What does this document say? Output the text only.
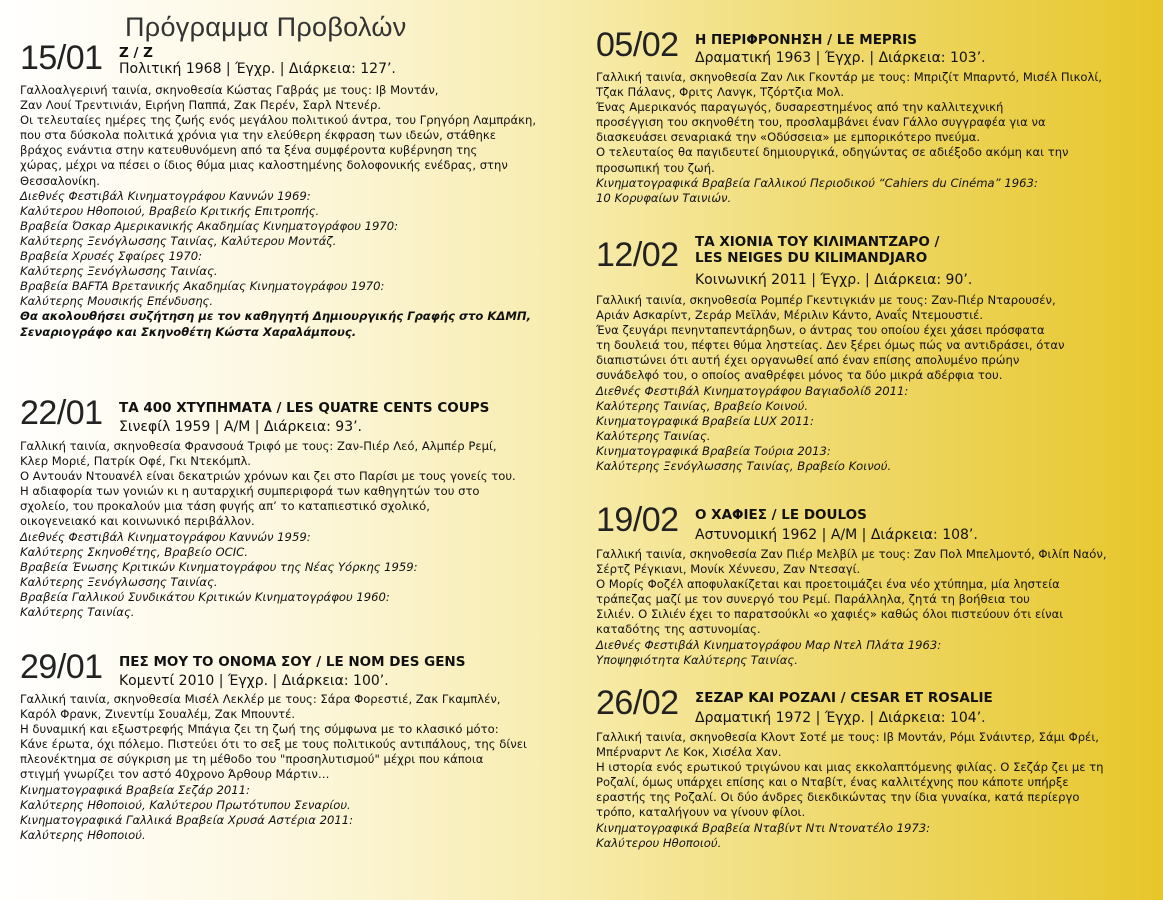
Πρόγραμμα Προβολών
15/01 Z / Z
Πολιτική 1968 | Έγχρ. | Διάρκεια: 127’.
Γαλλοαλγερινή ταινία, σκηνοθεσία Κώστας Γαβράς με τους: Ιβ Μοντάν,
Ζαν Λουί Τρεντινιάν, Ειρήνη Παππά, Ζακ Περέν, Σαρλ Ντενέρ.
Οι τελευταίες ημέρες της ζωής ενός μεγάλου πολιτικού άντρα, του Γρηγόρη Λαμπράκη,
που στα δύσκολα πολιτικά χρόνια για την ελεύθερη έκφραση των ιδεών, στάθηκε
βράχος ενάντια στην κατευθυνόμενη από τα ξένα συμφέροντα κυβέρνηση της
χώρας, μέχρι να πέσει ο ίδιος θύμα μιας καλοστημένης δολοφονικής ενέδρας, στην
Θεσσαλονίκη.
Διεθνές Φεστιβάλ Κινηματογράφου Καννών 1969:
Καλύτερου Ηθοποιού, Βραβείο Κριτικής Επιτροπής.
Βραβεία Όσκαρ Αμερικανικής Ακαδημίας Κινηματογράφου 1970:
Καλύτερης Ξενόγλωσσης Ταινίας, Καλύτερου Μοντάζ.
Βραβεία Χρυσές Σφαίρες 1970:
Καλύτερης Ξενόγλωσσης Ταινίας.
Βραβεία BAFTA Βρετανικής Ακαδημίας Κινηματογράφου 1970:
Καλύτερης Μουσικής Επένδυσης.
Θα ακολουθήσει συζήτηση με τον καθηγητή Δημιουργικής Γραφής στο ΚΔΜΠ,
Σεναριογράφο και Σκηνοθέτη Κώστα Χαραλάμπους.
22/01 ΤΑ 400 ΧΤΥΠΗΜΑΤΑ / LES QUATRE CENTS COUPS
Σινεφίλ 1959 | Α/Μ | Διάρκεια: 93’.
Γαλλική ταινία, σκηνοθεσία Φρανσουά Τριφό με τους: Ζαν-Πιέρ Λεό, Αλμπέρ Ρεμί,
Κλερ Μοριέ, Πατρίκ Οφέ, Γκι Ντεκόμπλ.
Ο Αντουάν Ντουανέλ είναι δεκατριών χρόνων και ζει στο Παρίσι με τους γονείς του.
Η αδιαφορία των γονιών κι η αυταρχική συμπεριφορά των καθηγητών του στο
σχολείο, του προκαλούν μια τάση φυγής απ’ το καταπιεστικό σχολικό,
οικογενειακό και κοινωνικό περιβάλλον.
Διεθνές Φεστιβάλ Κινηματογράφου Καννών 1959:
Καλύτερης Σκηνοθέτης, Βραβείο OCIC.
Βραβεία Ένωσης Κριτικών Κινηματογράφου της Νέας Υόρκης 1959:
Καλύτερης Ξενόγλωσσης Ταινίας.
Βραβεία Γαλλικού Συνδικάτου Κριτικών Κινηματογράφου 1960:
Καλύτερης Ταινίας.
29/01 ΠΕΣ ΜΟΥ ΤΟ ΟΝΟΜΑ ΣΟΥ / LE NOM DES GENS
Κομεντί 2010 | Έγχρ. | Διάρκεια: 100’.
Γαλλική ταινία, σκηνοθεσία Μισέλ Λεκλέρ με τους: Σάρα Φορεστιέ, Ζακ Γκαμπλέν,
Καρόλ Φρανκ, Ζινεντίμ Σουαλέμ, Ζακ Μπουντέ.
Η δυναμική και εξωστρεφής Μπάγια ζει τη ζωή της σύμφωνα με το κλασικό μότο:
Κάνε έρωτα, όχι πόλεμο. Πιστεύει ότι το σεξ με τους πολιτικούς αντιπάλους, της δίνει
πλεονέκτημα σε σύγκριση με τη μέθοδο του "προσηλυτισμού" μέχρι που κάποια
στιγμή γνωρίζει τον αστό 40χρονο Άρθουρ Μάρτιν…
Κινηματογραφικά Βραβεία Σεζάρ 2011:
Καλύτερης Ηθοποιού, Καλύτερου Πρωτότυπου Σεναρίου.
Κινηματογραφικά Γαλλικά Βραβεία Χρυσά Αστέρια 2011:
Καλύτερης Ηθοποιού.
05/02 Η ΠΕΡΙΦΡΟΝΗΣΗ / LE MEPRIS
Δραματική 1963 | Έγχρ. | Διάρκεια: 103’.
Γαλλική ταινία, σκηνοθεσία Ζαν Λικ Γκοντάρ με τους: Μπριζίτ Μπαρντό, Μισέλ Πικολί,
Τζακ Πάλανς, Φριτς Λανγκ, Τζόρτζια Μολ.
Ένας Αμερικανός παραγωγός, δυσαρεστημένος από την καλλιτεχνική
προσέγγιση του σκηνοθέτη του, προσλαμβάνει έναν Γάλλο συγγραφέα για να
διασκευάσει σεναριακά την «Οδύσσεια» με εμπορικότερο πνεύμα.
Ο τελευταίος θα παγιδευτεί δημιουργικά, οδηγώντας σε αδιέξοδο ακόμη και την
προσωπική του ζωή.
Κινηματογραφικά Βραβεία Γαλλικού Περιοδικού “Cahiers du Cinéma” 1963:
10 Κορυφαίων Ταινιών.
12/02 ΤΑ ΧΙΟΝΙΑ ΤΟΥ ΚΙΛΙΜΑΝΤΖΑΡΟ /
LES NEIGES DU KILIMANDJARO
Κοινωνική 2011 | Έγχρ. | Διάρκεια: 90’.
Γαλλική ταινία, σκηνοθεσία Ρομπέρ Γκεντιγκιάν με τους: Ζαν-Πιέρ Νταρουσέν,
Αριάν Ασκαρίντ, Ζεράρ Μεϊλάν, Μέριλιν Κάντο, Αναΐς Ντεμουστιέ.
Ένα ζευγάρι πενηνταπεντάρηδων, ο άντρας του οποίου έχει χάσει πρόσφατα
τη δουλειά του, πέφτει θύμα ληστείας. Δεν ξέρει όμως πώς να αντιδράσει, όταν
διαπιστώνει ότι αυτή έχει οργανωθεί από έναν επίσης απολυμένο πρώην
συνάδελφό του, ο οποίος αναθρέφει μόνος τα δύο μικρά αδέρφια του.
Διεθνές Φεστιβάλ Κινηματογράφου Βαγιαδολίδ 2011:
Καλύτερης Ταινίας, Βραβείο Κοινού.
Κινηματογραφικά Βραβεία LUX 2011:
Καλύτερης Ταινίας.
Κινηματογραφικά Βραβεία Τούρια 2013:
Καλύτερης Ξενόγλωσσης Ταινίας, Βραβείο Κοινού.
19/02 Ο ΧΑΦΙΕΣ / LE DOULOS
Αστυνομική 1962 | Α/Μ | Διάρκεια: 108’.
Γαλλική ταινία, σκηνοθεσία Ζαν Πιέρ Μελβίλ με τους: Ζαν Πολ Μπελμοντό, Φιλίπ Ναόν,
Σέρτζ Ρέγκιανι, Μονίκ Χέννεσυ, Ζαν Ντεσαγί.
Ο Μορίς Φοζέλ αποφυλακίζεται και προετοιμάζει ένα νέο χτύπημα, μία ληστεία
τράπεζας μαζί με τον συνεργό του Ρεμί. Παράλληλα, ζητά τη βοήθεια του
Σιλιέν. Ο Σιλιέν έχει το παρατσούκλι «ο χαφιές» καθώς όλοι πιστεύουν ότι είναι
καταδότης της αστυνομίας.
Διεθνές Φεστιβάλ Κινηματογράφου Μαρ Ντελ Πλάτα 1963:
Υποψηφιότητα Καλύτερης Ταινίας.
26/02 ΣΕΖΑΡ ΚΑΙ ΡΟΖΑΛΙ / CESAR ET ROSALIE
Δραματική 1972 | Έγχρ. | Διάρκεια: 104’.
Γαλλική ταινία, σκηνοθεσία Κλοντ Σοτέ με τους: Ιβ Μοντάν, Ρόμι Σνάιντερ, Σάμι Φρέι,
Μπέρναρντ Λε Κοκ, Χισέλα Χαν.
Η ιστορία ενός ερωτικού τριγώνου και μιας εκκολαπτόμενης φιλίας. Ο Σεζάρ ζει με τη
Ροζαλί, όμως υπάρχει επίσης και ο Νταβίτ, ένας καλλιτέχνης που κάποτε υπήρξε
εραστής της Ροζαλί. Οι δύο άνδρες διεκδικώντας την ίδια γυναίκα, κατά περίεργο
τρόπο, καταλήγουν να γίνουν φίλοι.
Κινηματογραφικά Βραβεία Νταβίντ Ντι Ντονατέλο 1973:
Καλύτερου Ηθοποιού.
